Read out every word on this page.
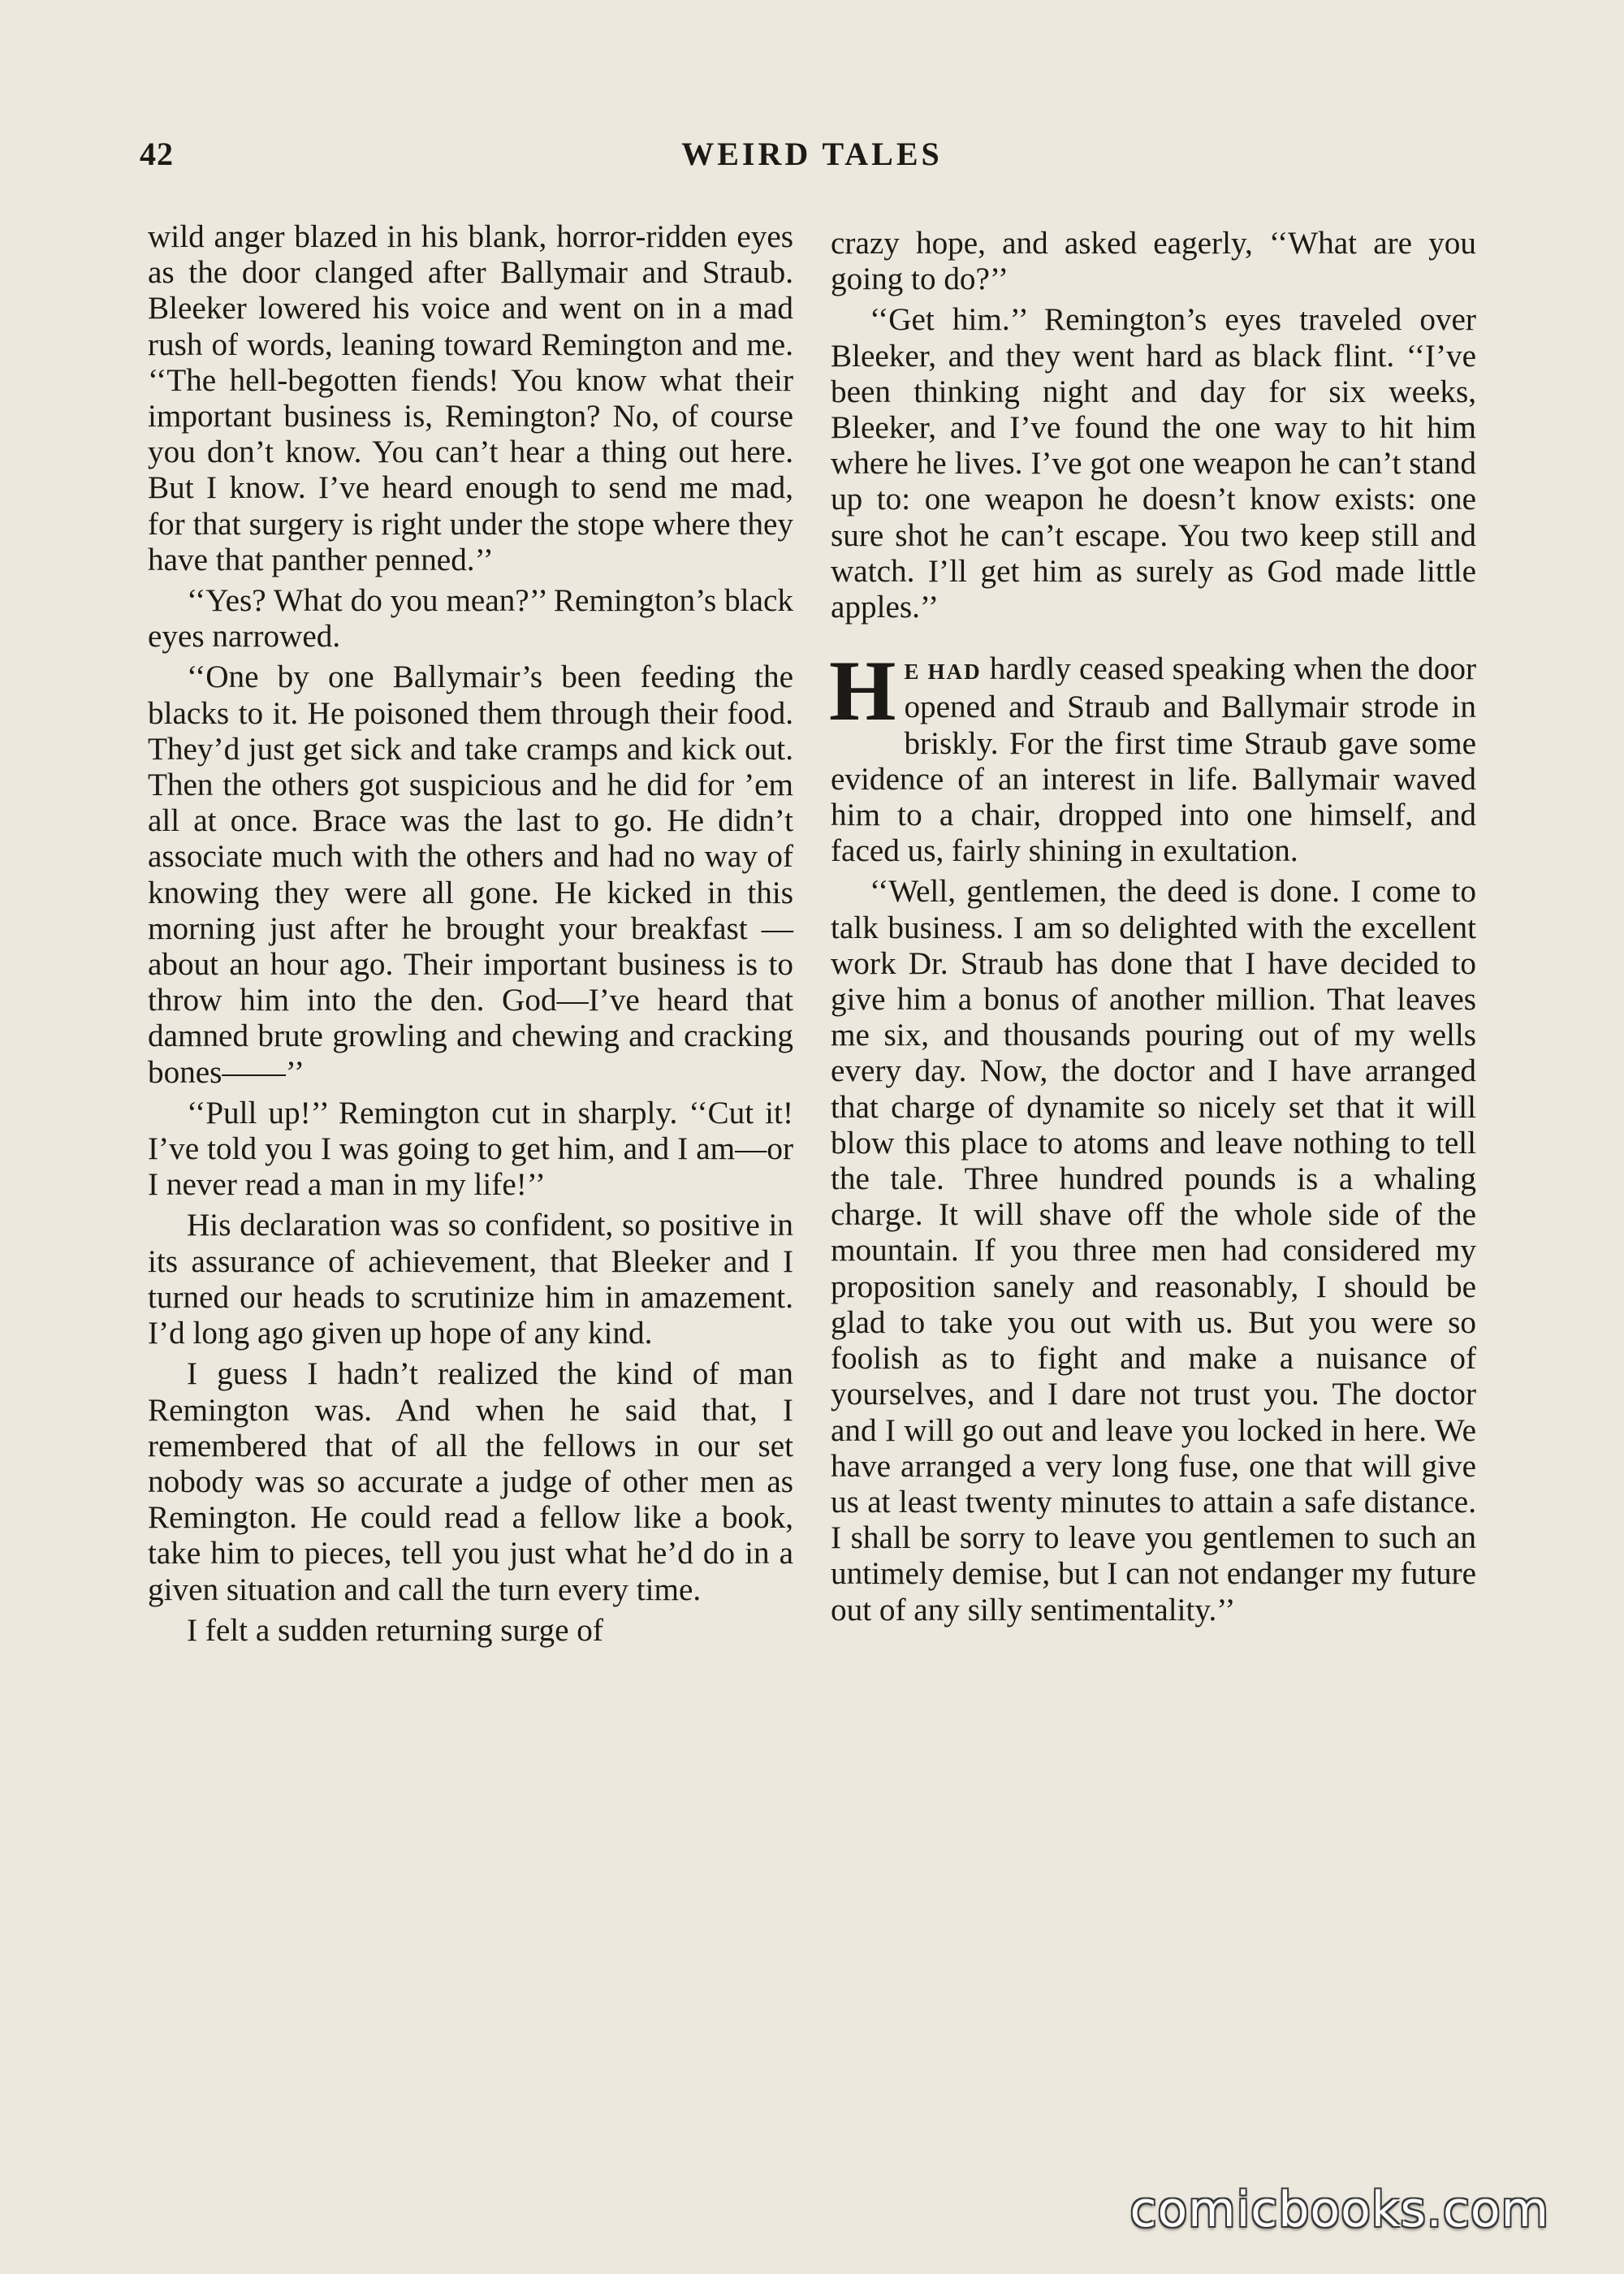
42	WEIRD TALES

wild anger blazed in his blank, horror-ridden eyes as the door clanged after Ballymair and Straub. Bleeker lowered his voice and went on in a mad rush of words, leaning toward Remington and me. ‘‘The hell-begotten fiends! You know what their important business is, Remington? No, of course you don’t know. You can’t hear a thing out here. But I know. I’ve heard enough to send me mad, for that surgery is right under the stope where they have that panther penned.’’

‘‘Yes? What do you mean?’’ Remington’s black eyes narrowed.

‘‘One by one Ballymair’s been feeding the blacks to it. He poisoned them through their food. They’d just get sick and take cramps and kick out. Then the others got suspicious and he did for ’em all at once. Brace was the last to go. He didn’t associate much with the others and had no way of knowing they were all gone. He kicked in this morning just after he brought your breakfast —about an hour ago. Their important business is to throw him into the den. God—I’ve heard that damned brute growling and chewing and cracking bones——’’

‘‘Pull up!’’ Remington cut in sharply. ‘‘Cut it! I’ve told you I was going to get him, and I am—or I never read a man in my life!’’

His declaration was so confident, so positive in its assurance of achievement, that Bleeker and I turned our heads to scrutinize him in amazement. I’d long ago given up hope of any kind.

I guess I hadn’t realized the kind of man Remington was. And when he said that, I remembered that of all the fellows in our set nobody was so accurate a judge of other men as Remington. He could read a fellow like a book, take him to pieces, tell you just what he’d do in a given situation and call the turn every time.

I felt a sudden returning surge of

crazy hope, and asked eagerly, ‘‘What are you going to do?’’

‘‘Get him.’’ Remington’s eyes traveled over Bleeker, and they went hard as black flint. ‘‘I’ve been thinking night and day for six weeks, Bleeker, and I’ve found the one way to hit him where he lives. I’ve got one weapon he can’t stand up to: one weapon he doesn’t know exists: one sure shot he can’t escape. You two keep still and watch. I’ll get him as surely as God made little apples.’’

H E HAD hardly ceased speaking when the door opened and Straub and Ballymair strode in briskly. For the first time Straub gave some evidence of an interest in life. Ballymair waved him to a chair, dropped into one himself, and faced us, fairly shining in exultation.

‘‘Well, gentlemen, the deed is done. I come to talk business. I am so delighted with the excellent work Dr. Straub has done that I have decided to give him a bonus of another million. That leaves me six, and thousands pouring out of my wells every day. Now, the doctor and I have arranged that charge of dynamite so nicely set that it will blow this place to atoms and leave nothing to tell the tale. Three hundred pounds is a whaling charge. It will shave off the whole side of the mountain. If you three men had considered my proposition sanely and reasonably, I should be glad to take you out with us. But you were so foolish as to fight and make a nuisance of yourselves, and I dare not trust you. The doctor and I will go out and leave you locked in here. We have arranged a very long fuse, one that will give us at least twenty minutes to attain a safe distance. I shall be sorry to leave you gentlemen to such an untimely demise, but I can not endanger my future out of any silly sentimentality.’’

comicbooks.com
